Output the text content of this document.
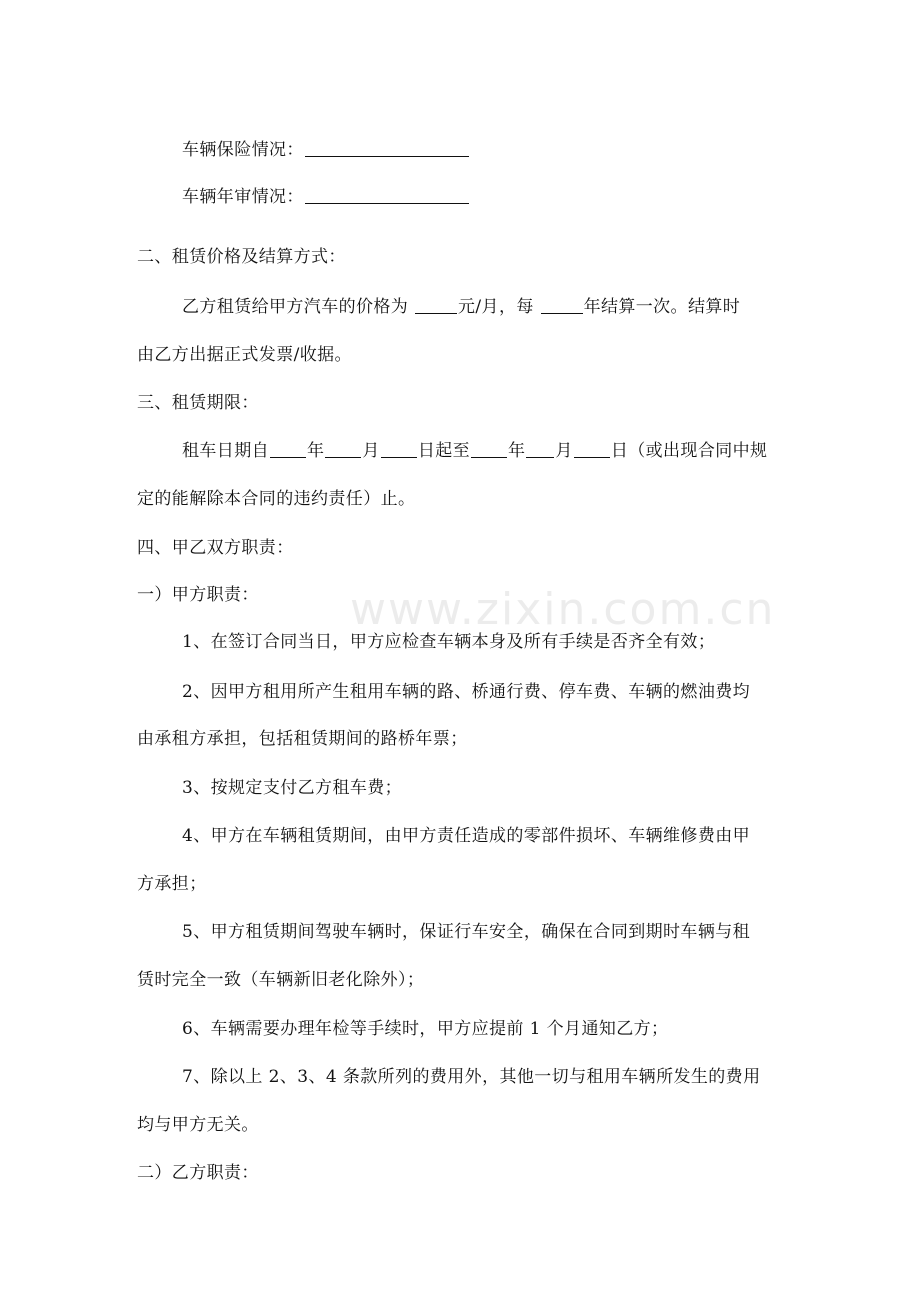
www.zixin.com.cn
车辆保险情况：
车辆年审情况：
二、租赁价格及结算方式：
乙方租赁给甲方汽车的价格为	元/月，每	年结算一次。结算时
由乙方出据正式发票/收据。
三、租赁期限：
租车日期自 年 月 日起至 年 月 日（或出现合同中规
定的能解除本合同的违约责任）止。
四、甲乙双方职责：
一）甲方职责：
1、在签订合同当日，甲方应检查车辆本身及所有手续是否齐全有效；
2、因甲方租用所产生租用车辆的路、桥通行费、停车费、车辆的燃油费均
由承租方承担，包括租赁期间的路桥年票；
3、按规定支付乙方租车费；
4、甲方在车辆租赁期间，由甲方责任造成的零部件损坏、车辆维修费由甲
方承担；
5、甲方租赁期间驾驶车辆时，保证行车安全，确保在合同到期时车辆与租
赁时完全一致（车辆新旧老化除外）；
6、车辆需要办理年检等手续时，甲方应提前 1 个月通知乙方；
7、除以上 2、3、4 条款所列的费用外，其他一切与租用车辆所发生的费用
均与甲方无关。
二）乙方职责：
